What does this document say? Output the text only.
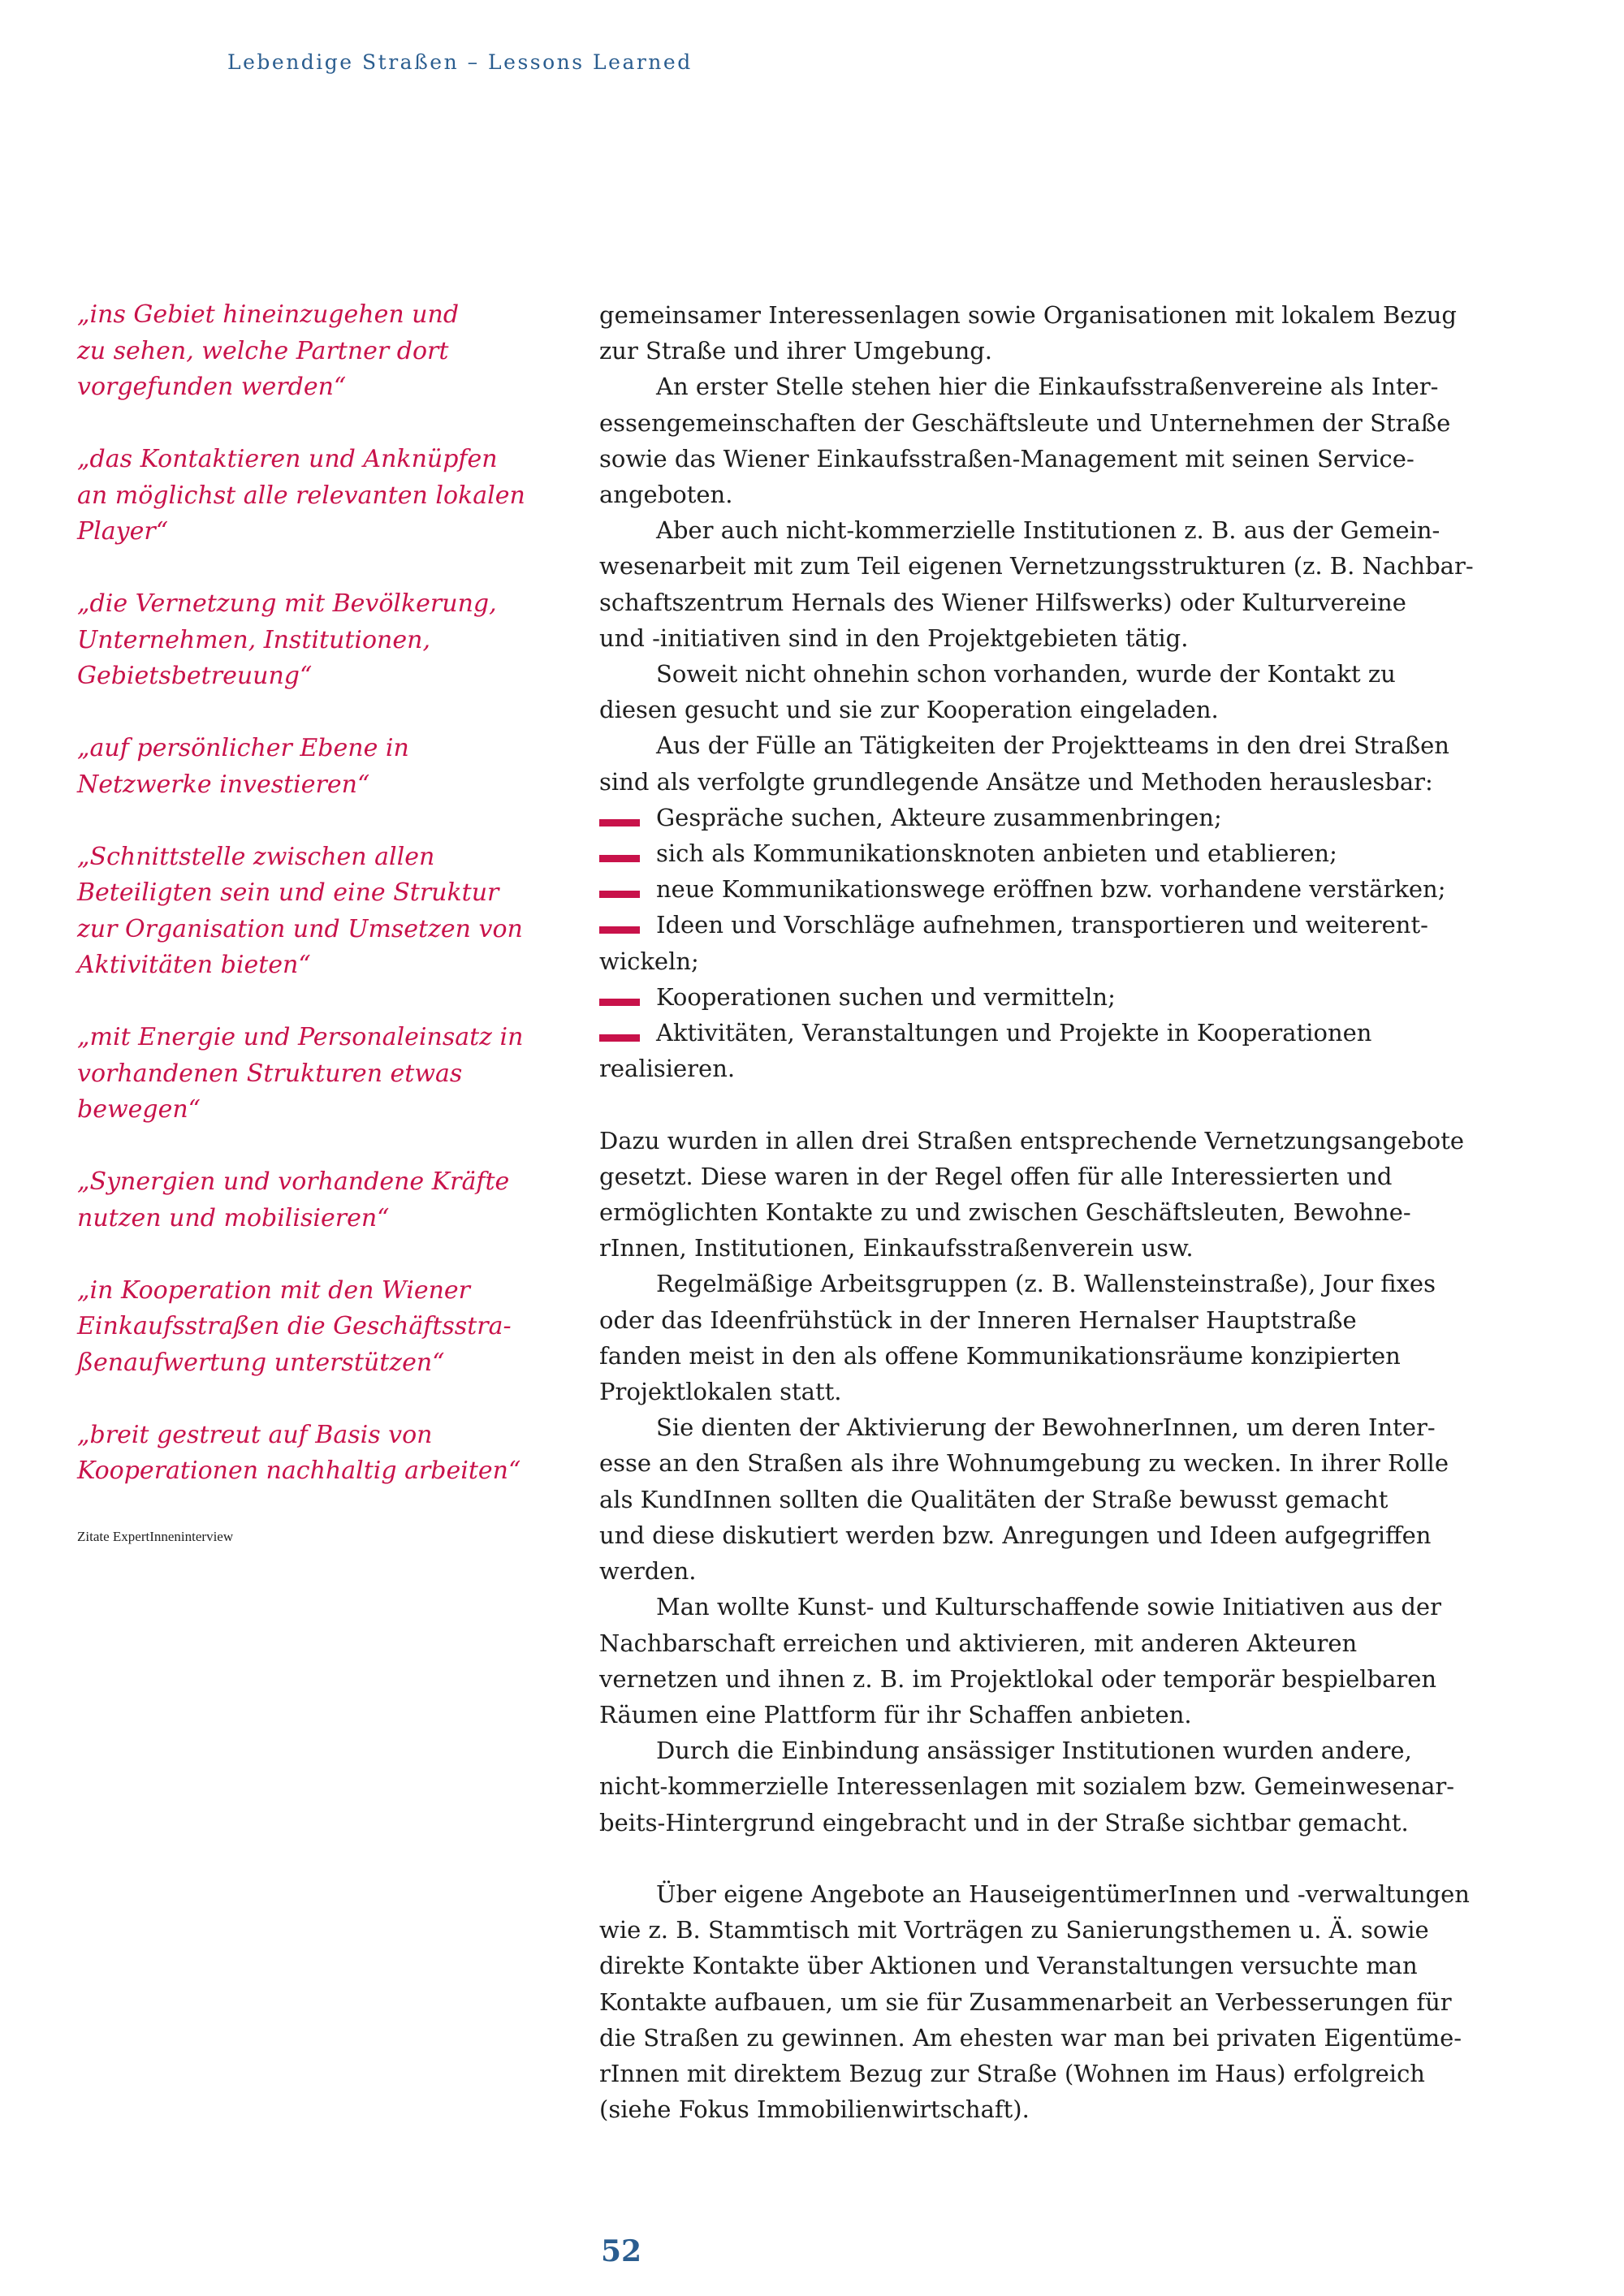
Lebendige Straßen – Lessons Learned

„ins Gebiet hineinzugehen und
zu sehen, welche Partner dort
vorgefunden werden“

„das Kontaktieren und Anknüpfen
an möglichst alle relevanten lokalen
Player“

„die Vernetzung mit Bevölkerung,
Unternehmen, Institutionen,
Gebietsbetreuung“

„auf persönlicher Ebene in
Netzwerke investieren“

„Schnittstelle zwischen allen
Beteiligten sein und eine Struktur
zur Organisation und Umsetzen von
Aktivitäten bieten“

„mit Energie und Personaleinsatz in
vorhandenen Strukturen etwas
bewegen“

„Synergien und vorhandene Kräfte
nutzen und mobilisieren“

„in Kooperation mit den Wiener
Einkaufsstraßen die Geschäftsstra-
ßenaufwertung unterstützen“

„breit gestreut auf Basis von
Kooperationen nachhaltig arbeiten“

Zitate ExpertInneninterview
gemeinsamer Interessenlagen sowie Organisationen mit lokalem Bezug
zur Straße und ihrer Umgebung.
An erster Stelle stehen hier die Einkaufsstraßenvereine als Inter-
essengemeinschaften der Geschäftsleute und Unternehmen der Straße
sowie das Wiener Einkaufsstraßen-Management mit seinen Service-
angeboten.
Aber auch nicht-kommerzielle Institutionen z. B. aus der Gemein-
wesenarbeit mit zum Teil eigenen Vernetzungsstrukturen (z. B. Nachbar-
schaftszentrum Hernals des Wiener Hilfswerks) oder Kulturvereine
und -initiativen sind in den Projektgebieten tätig.
Soweit nicht ohnehin schon vorhanden, wurde der Kontakt zu
diesen gesucht und sie zur Kooperation eingeladen.
Aus der Fülle an Tätigkeiten der Projektteams in den drei Straßen
sind als verfolgte grundlegende Ansätze und Methoden herauslesbar:
Gespräche suchen, Akteure zusammenbringen;
sich als Kommunikationsknoten anbieten und etablieren;
neue Kommunikationswege eröffnen bzw. vorhandene verstärken;
Ideen und Vorschläge aufnehmen, transportieren und weiterent-
wickeln;
Kooperationen suchen und vermitteln;
Aktivitäten, Veranstaltungen und Projekte in Kooperationen
realisieren.
Dazu wurden in allen drei Straßen entsprechende Vernetzungsangebote
gesetzt. Diese waren in der Regel offen für alle Interessierten und
ermöglichten Kontakte zu und zwischen Geschäftsleuten, Bewohne-
rInnen, Institutionen, Einkaufsstraßenverein usw.
Regelmäßige Arbeitsgruppen (z. B. Wallensteinstraße), Jour fixes
oder das Ideenfrühstück in der Inneren Hernalser Hauptstraße
fanden meist in den als offene Kommunikationsräume konzipierten
Projektlokalen statt.
Sie dienten der Aktivierung der BewohnerInnen, um deren Inter-
esse an den Straßen als ihre Wohnumgebung zu wecken. In ihrer Rolle
als KundInnen sollten die Qualitäten der Straße bewusst gemacht
und diese diskutiert werden bzw. Anregungen und Ideen aufgegriffen
werden.
Man wollte Kunst- und Kulturschaffende sowie Initiativen aus der
Nachbarschaft erreichen und aktivieren, mit anderen Akteuren
vernetzen und ihnen z. B. im Projektlokal oder temporär bespielbaren
Räumen eine Plattform für ihr Schaffen anbieten.
Durch die Einbindung ansässiger Institutionen wurden andere,
nicht-kommerzielle Interessenlagen mit sozialem bzw. Gemeinwesenar-
beits-Hintergrund eingebracht und in der Straße sichtbar gemacht.
Über eigene Angebote an HauseigentümerInnen und -verwaltungen
wie z. B. Stammtisch mit Vorträgen zu Sanierungsthemen u. Ä. sowie
direkte Kontakte über Aktionen und Veranstaltungen versuchte man
Kontakte aufbauen, um sie für Zusammenarbeit an Verbesserungen für
die Straßen zu gewinnen. Am ehesten war man bei privaten Eigentüme-
rInnen mit direktem Bezug zur Straße (Wohnen im Haus) erfolgreich
(siehe Fokus Immobilienwirtschaft).
52
